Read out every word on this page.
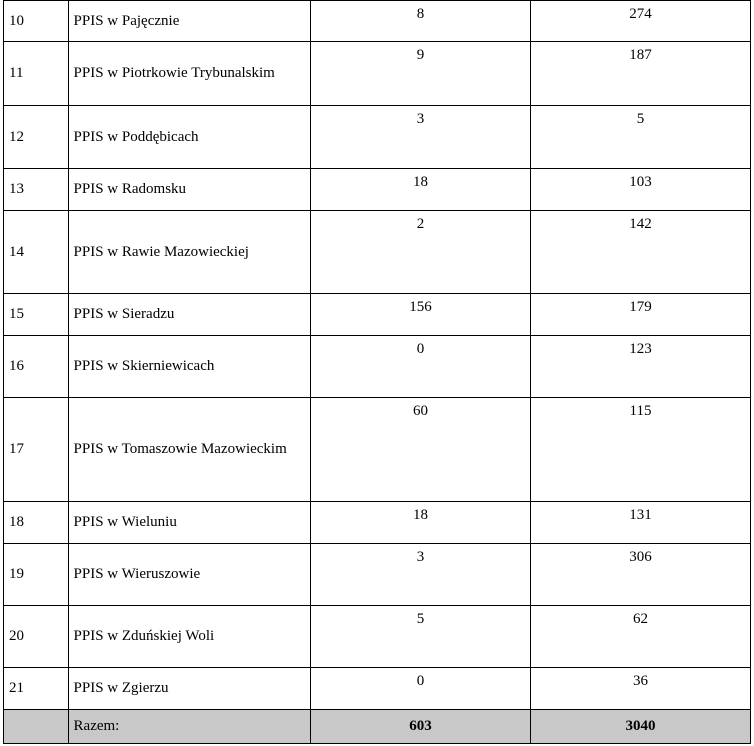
10	PPIS w Pajęcznie	8	274
11	PPIS w Piotrkowie Trybunalskim	9	187
12	PPIS w Poddębicach	3	5
13	PPIS w Radomsku	18	103
14	PPIS w Rawie Mazowieckiej	2	142
15	PPIS w Sieradzu	156	179
16	PPIS w Skierniewicach	0	123
17	PPIS w Tomaszowie Mazowieckim	60	115
18	PPIS w Wieluniu	18	131
19	PPIS w Wieruszowie	3	306
20	PPIS w Zduńskiej Woli	5	62
21	PPIS w Zgierzu	0	36
	Razem:	603	3040
